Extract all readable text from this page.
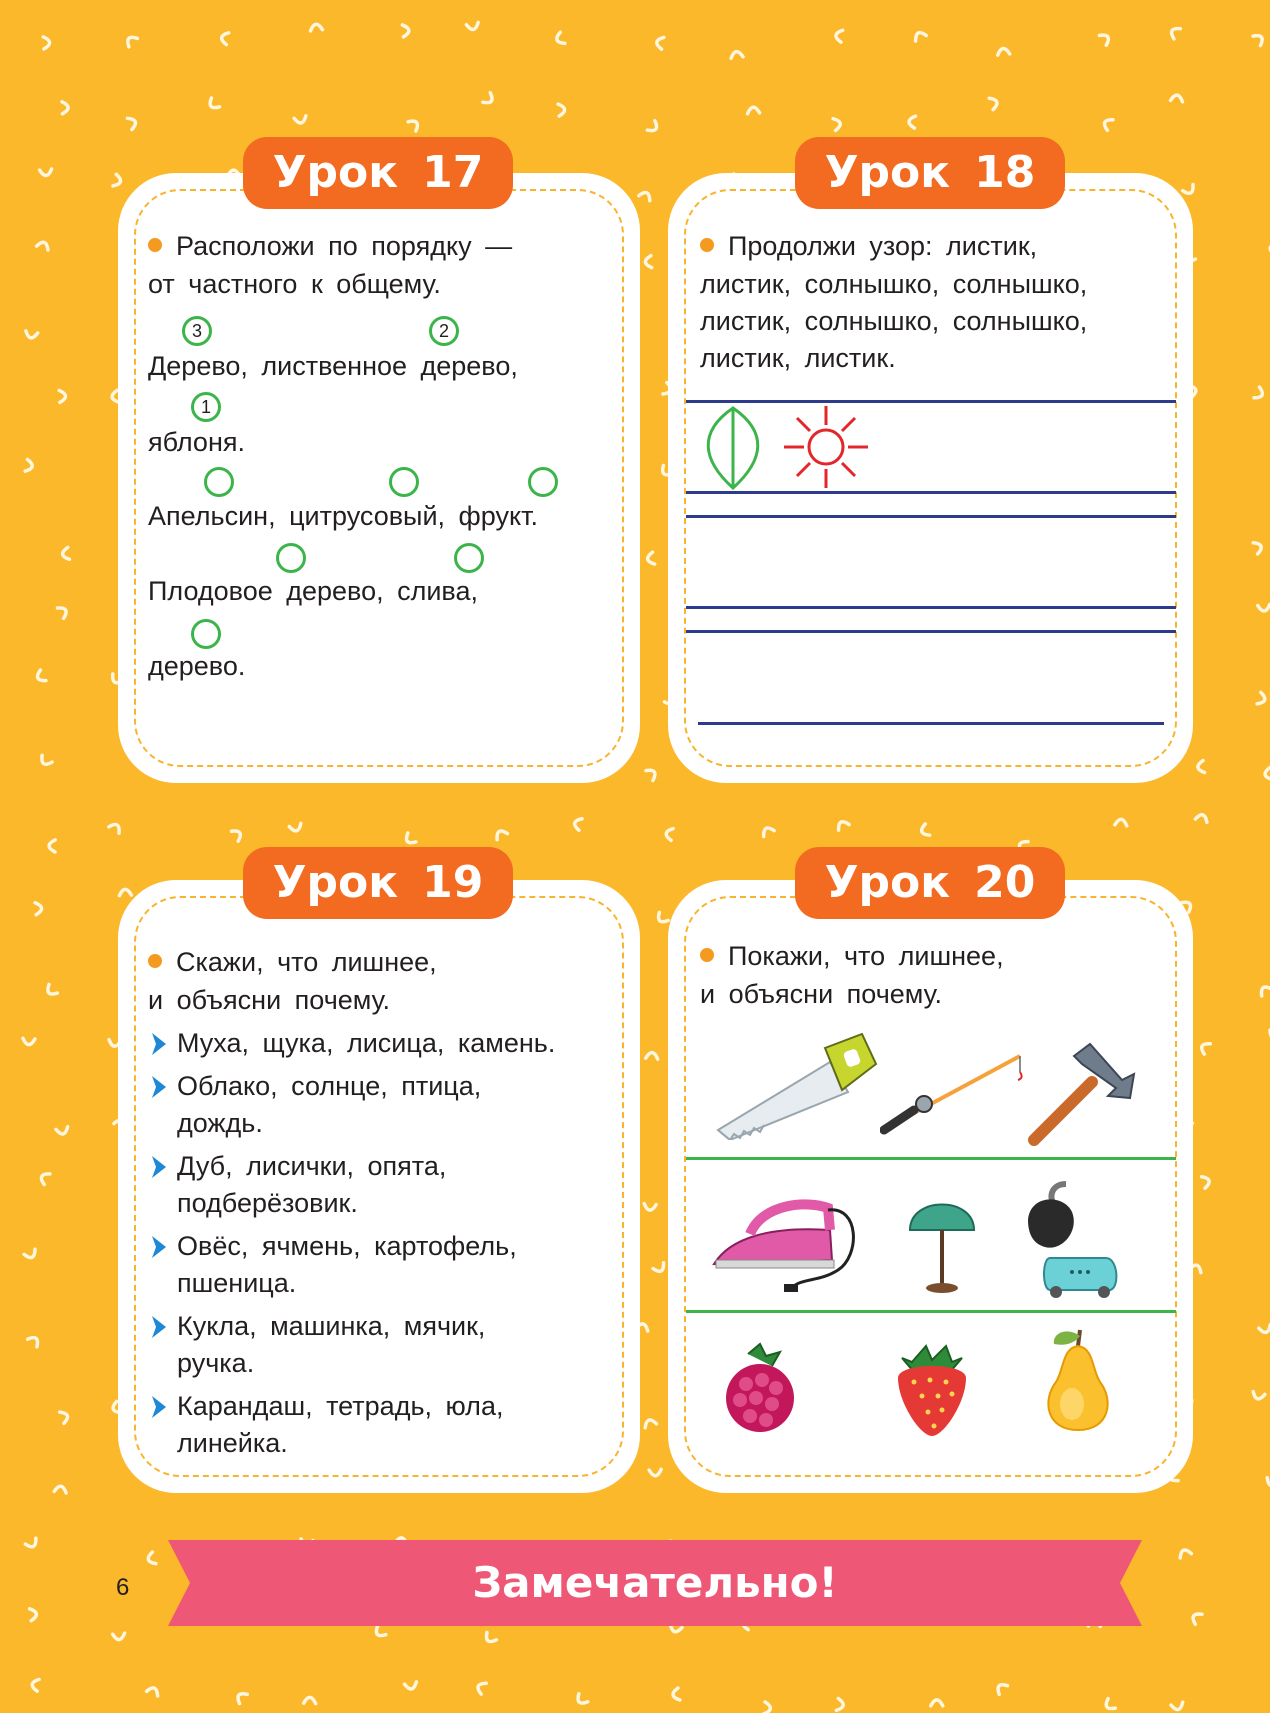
Урок 17
Расположи по порядку —
от частного к общему.
3	2
Дерево, лиственное дерево,
1
яблоня.
Апельсин, цитрусовый, фрукт.
Плодовое дерево, слива,
дерево.
Урок 18
Продолжи узор: листик,
листик, солнышко, солнышко,
листик, солнышко, солнышко,
листик, листик.
Урок 19
Скажи, что лишнее,
и объясни почему.
Муха, щука, лисица, камень.
Облако, солнце, птица,
дождь.
Дуб, лисички, опята,
подберёзовик.
Овёс, ячмень, картофель,
пшеница.
Кукла, машинка, мячик,
ручка.
Карандаш, тетрадь, юла,
линейка.
Урок 20
Покажи, что лишнее,
и объясни почему.
Замечательно!
6
